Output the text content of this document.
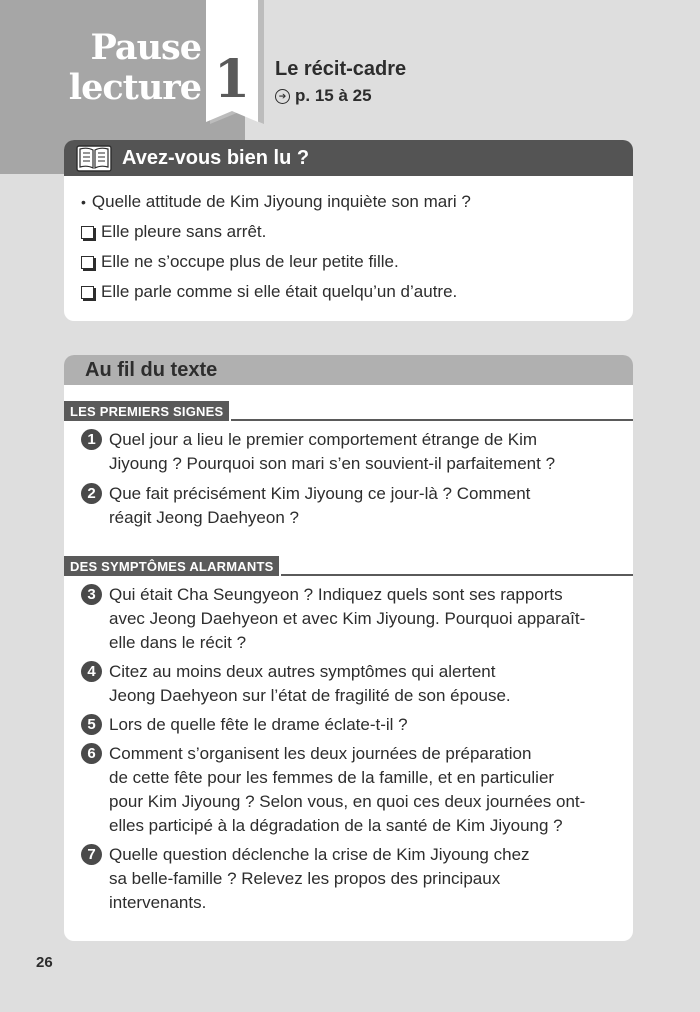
Pause
lecture 1	Le récit-cadre
➔ p. 15 à 25
Avez-vous bien lu ?
• Quelle attitude de Kim Jiyoung inquiète son mari ?
Elle pleure sans arrêt.
Elle ne s’occupe plus de leur petite fille.
Elle parle comme si elle était quelqu’un d’autre.
Au fil du texte
LES PREMIERS SIGNES
1 Quel jour a lieu le premier comportement étrange de Kim
Jiyoung ? Pourquoi son mari s’en souvient-il parfaitement ?
2 Que fait précisément Kim Jiyoung ce jour-là ? Comment
réagit Jeong Daehyeon ?
DES SYMPTÔMES ALARMANTS
3 Qui était Cha Seungyeon ? Indiquez quels sont ses rapports
avec Jeong Daehyeon et avec Kim Jiyoung. Pourquoi apparaît-
elle dans le récit ?
4 Citez au moins deux autres symptômes qui alertent
Jeong Daehyeon sur l’état de fragilité de son épouse.
5 Lors de quelle fête le drame éclate-t-il ?
6 Comment s’organisent les deux journées de préparation
de cette fête pour les femmes de la famille, et en particulier
pour Kim Jiyoung ? Selon vous, en quoi ces deux journées ont-
elles participé à la dégradation de la santé de Kim Jiyoung ?
7 Quelle question déclenche la crise de Kim Jiyoung chez
sa belle-famille ? Relevez les propos des principaux
intervenants.
26
